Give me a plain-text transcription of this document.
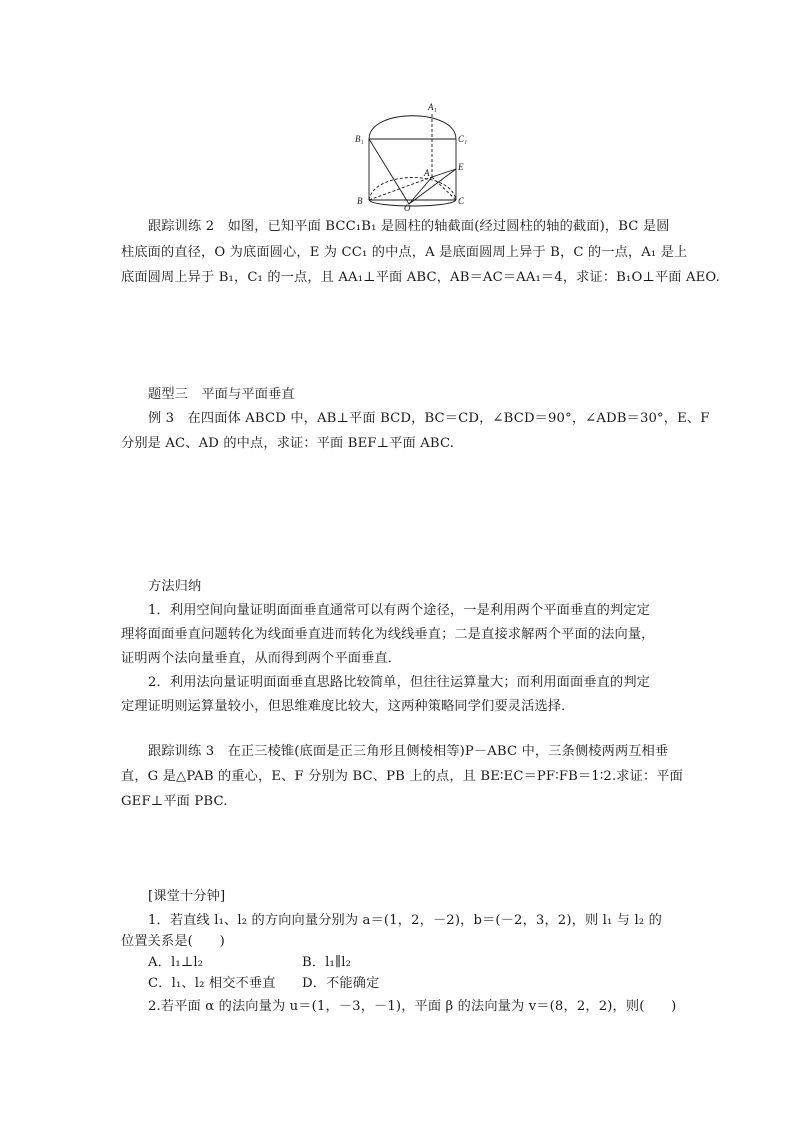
A₁
B₁	C₁
E
A
B
O
C
跟踪训练 2　如图，已知平面 BCC₁B₁ 是圆柱的轴截面(经过圆柱的轴的截面)，BC 是圆
柱底面的直径，O 为底面圆心，E 为 CC₁ 的中点，A 是底面圆周上异于 B，C 的一点，A₁ 是上
底面圆周上异于 B₁，C₁ 的一点，且 AA₁⊥平面 ABC，AB＝AC＝AA₁＝4，求证：B₁O⊥平面 AEO.
题型三　平面与平面垂直
例 3　在四面体 ABCD 中，AB⊥平面 BCD，BC＝CD，∠BCD＝90°，∠ADB＝30°，E、F
分别是 AC、AD 的中点，求证：平面 BEF⊥平面 ABC.
方法归纳
1．利用空间向量证明面面垂直通常可以有两个途径，一是利用两个平面垂直的判定定
理将面面垂直问题转化为线面垂直进而转化为线线垂直；二是直接求解两个平面的法向量，
证明两个法向量垂直，从而得到两个平面垂直．
2．利用法向量证明面面垂直思路比较简单，但往往运算量大；而利用面面垂直的判定
定理证明则运算量较小，但思维难度比较大，这两种策略同学们要灵活选择．
跟踪训练 3　在正三棱锥(底面是正三角形且侧棱相等)P－ABC 中，三条侧棱两两互相垂
直，G 是△PAB 的重心，E、F 分别为 BC、PB 上的点，且 BE∶EC＝PF∶FB＝1∶2.求证：平面
GEF⊥平面 PBC.
[课堂十分钟]
1．若直线 l₁、l₂ 的方向向量分别为 a＝(1，2，－2)，b＝(－2，3，2)，则 l₁ 与 l₂ 的
位置关系是(　　)
A．l₁⊥l₂	B．l₁∥l₂
C．l₁、l₂ 相交不垂直 D．不能确定
2.若平面 α 的法向量为 u＝(1，－3，－1)，平面 β 的法向量为 v＝(8，2，2)，则(　　)
